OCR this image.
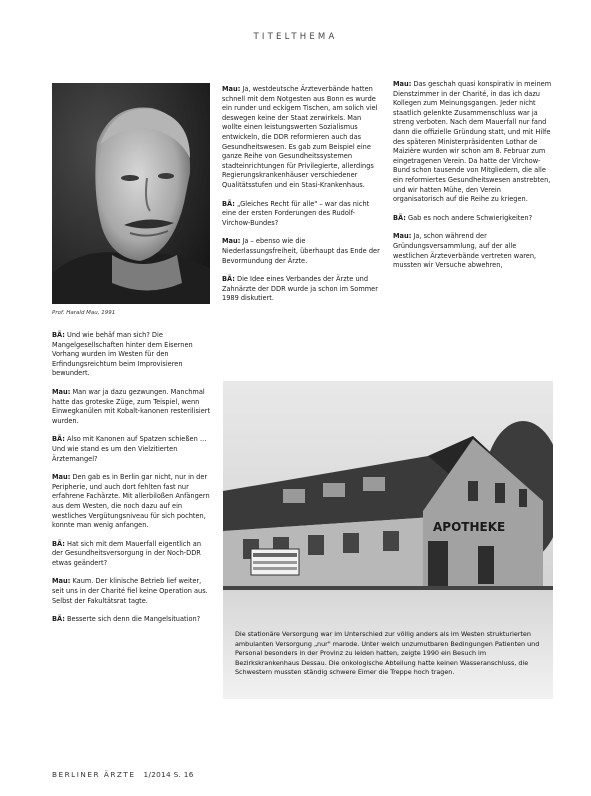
TITELTHEMA
Prof. Harald Mau, 1991

BÄ: Und wie behäf man sich? Die Mangelgesellschaften hinter dem Eisernen Vorhang wurden im Westen für den Erfindungsreichtum beim Improvisieren bewundert.

Mau: Man war ja dazu gezwungen. Manchmal hatte das groteske Züge, zum Teispiel, wenn Einwegkanülen mit Kobalt-kanonen resterilisiert wurden.

BÄ: Also mit Kanonen auf Spatzen schießen … Und wie stand es um den Vielzitierten Ärztemangel?

Mau: Den gab es in Berlin gar nicht, nur in der Peripherie, und auch dort fehlten fast nur erfahrene Fachärzte. Mit allerbiloßen Anfängern aus dem Westen, die noch dazu auf ein westliches Vergütungsniveau für sich pochten, konnte man wenig anfangen.

BÄ: Hat sich mit dem Mauerfall eigentlich an der Gesundheitsversorgung in der Noch-DDR etwas geändert?

Mau: Kaum. Der klinische Betrieb lief weiter, seit uns in der Charité fiel keine Operation aus. Selbst der Fakultätsrat tagte.

BÄ: Besserte sich denn die Mangelsituation?

Mau: Ja, westdeutsche Ärzteverbände hatten schnell mit dem Notgesten aus Bonn es wurde ein runder und eckigem Tischen, am solich viel deswegen keine der Staat zerwirkels. Man wollte einen leistungswerten Sozialismus entwickeln, die DDR reformieren auch das Gesundheitswesen. Es gab zum Beispiel eine ganze Reihe von Gesundheitssystemen stadteinrichtungen für Privilegierte, allerdings Regierungskrankenhäuser verschiedener Qualitätsstufen und ein Stasi-Krankenhaus.

BÄ: „Gleiches Recht für alle" – war das nicht eine der ersten Forderungen des Rudolf-Virchow-Bundes?

Mau: Ja – ebenso wie die Niederlassungsfreiheit, überhaupt das Ende der Bevormundung der Ärzte.

BÄ: Die Idee eines Verbandes der Ärzte und Zahnärzte der DDR wurde ja schon im Sommer 1989 diskutiert.

Mau: Das geschah quasi konspirativ in meinem Dienstzimmer in der Charité, in das ich dazu Kollegen zum Meinungsgangen. Jeder nicht staatlich gelenkte Zusammenschluss war ja streng verboten. Nach dem Mauerfall nur fand dann die offizielle Gründung statt, und mit Hilfe des späteren Ministerpräsidenten Lothar de Maizière wurden wir schon am 8. Februar zum eingetragenen Verein. Da hatte der Virchow-Bund schon tausende von Mitgliedern, die alle ein reformiertes Gesundheitswesen anstrebten, und wir hatten Mühe, den Verein organisatorisch auf die Reihe zu kriegen.

BÄ: Gab es noch andere Schwierigkeiten?

Mau: Ja, schon während der Gründungsversammlung, auf der alle westlichen Ärzteverbände vertreten waren, mussten wir Versuche abwehren,

APOTHEKE
Die stationäre Versorgung war im Unterschied zur völlig anders als im Westen strukturierten ambulanten Versorgung „nur" marode. Unter welch unzumutbaren Bedingungen Patienten und Personal besonders in der Provinz zu leiden hatten, zeigte 1990 ein Besuch im Bezirkskrankenhaus Dessau. Die onkologische Abteilung hatte keinen Wasseranschluss, die Schwestern mussten ständig schwere Eimer die Treppe hoch tragen.
BERLINER ÄRZTE 1/2014 S. 16
